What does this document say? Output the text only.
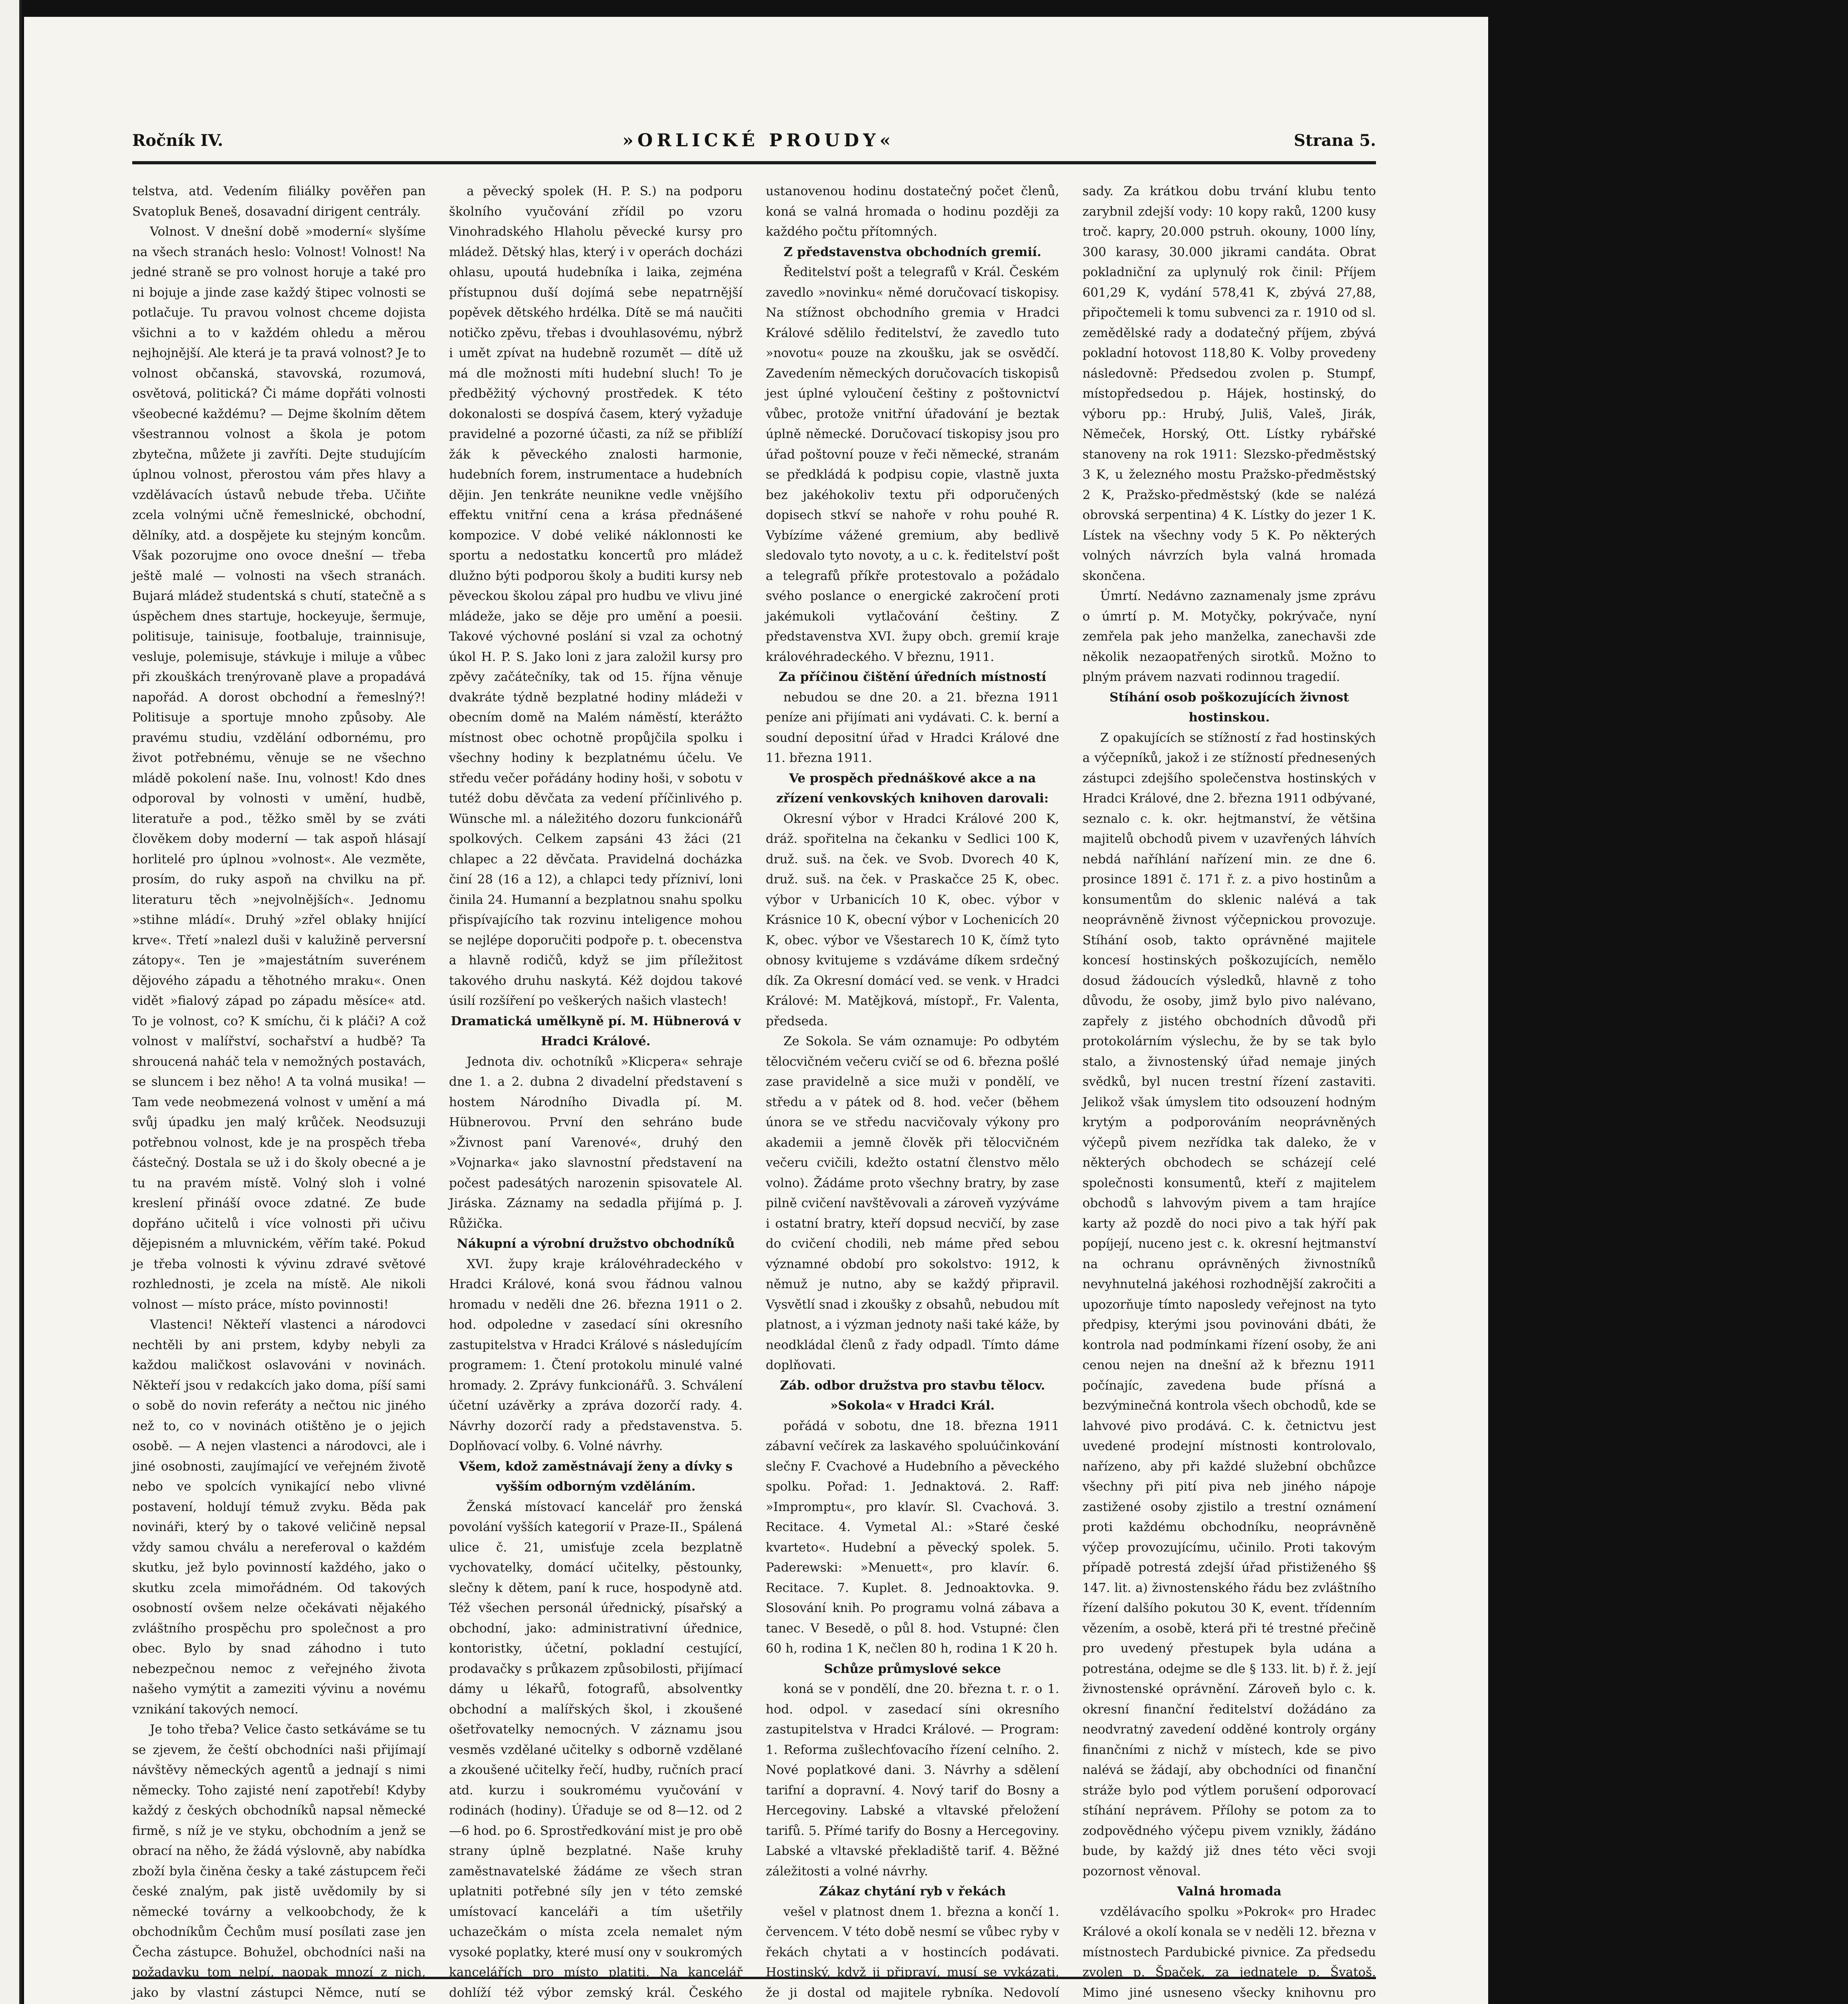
Ročník IV.	»ORLICKÉ PROUDY«	Strana 5.

telstva, atd. Vedením filiálky pověřen pan Svatopluk Beneš, dosavadní dirigent centrály.

Volnost. V dnešní době »moderní« slyšíme na všech stranách heslo: Volnost! Volnost! Na jedné straně se pro volnost horuje a také pro ni bojuje a jinde zase každý štipec volnosti se potlačuje. Tu pravou volnost chceme dojista všichni a to v každém ohledu a měrou nejhojnější. Ale která je ta pravá volnost? Je to volnost občanská, stavovská, rozumová, osvětová, politická? Či máme dopřáti volnosti všeobecné každému? — Dejme školním dětem všestrannou volnost a škola je potom zbytečna, můžete ji zavříti. Dejte studujícím úplnou volnost, přerostou vám přes hlavy a vzdělávacích ústavů nebude třeba. Učiňte zcela volnými učně řemeslnické, obchodní, dělníky, atd. a dospějete ku stejným koncům. Však pozorujme ono ovoce dnešní — třeba ještě malé — volnosti na všech stranách. Bujará mládež studentská s chutí, statečně a s úspěchem dnes startuje, hockeyuje, šermuje, politisuje, tainisuje, footbaluje, trainnisuje, vesluje, polemisuje, stávkuje i miluje a vůbec při zkouškách trenýrovaně plave a propadává napořád. A dorost obchodní a řemeslný?! Politisuje a sportuje mnoho způsoby. Ale pravému studiu, vzdělání odbornému, pro život potřebnému, věnuje se ne všechno mládě pokolení naše. Inu, volnost! Kdo dnes odporoval by volnosti v umění, hudbě, literatuře a pod., těžko směl by se zváti člověkem doby moderní — tak aspoň hlásají horlitelé pro úplnou »volnost«. Ale vezměte, prosím, do ruky aspoň na chvilku na př. literaturu těch »nejvolnějších«. Jednomu »stihne mládí«. Druhý »zřel oblaky hnijící krve«. Třetí »nalezl duši v kalužině perversní zátopy«. Ten je »majestátním suverénem dějového západu a těhotného mraku«. Onen vidět »fialový západ po západu měsíce« atd. To je volnost, co? K smíchu, či k pláči? A což volnost v malířství, sochařství a hudbě? Ta shroucená naháč tela v nemožných postavách, se sluncem i bez něho! A ta volná musika! — Tam vede neobmezená volnost v umění a má svůj úpadku jen malý krůček. Neodsuzuji potřebnou volnost, kde je na prospěch třeba částečný. Dostala se už i do školy obecné a je tu na pravém místě. Volný sloh i volné kreslení přináší ovoce zdatné. Ze bude dopřáno učitelů i více volnosti při učivu dějepisném a mluvnickém, věřím také. Pokud je třeba volnosti k vývinu zdravé světové rozhlednosti, je zcela na místě. Ale nikoli volnost — místo práce, místo povinnosti!

Vlastenci! Někteří vlastenci a národovci nechtěli by ani prstem, kdyby nebyli za každou maličkost oslavováni v novinách. Někteří jsou v redakcích jako doma, píší sami o sobě do novin referáty a nečtou nic jiného než to, co v novinách otištěno je o jejich osobě. — A nejen vlastenci a národovci, ale i jiné osobnosti, zaujímající ve veřejném životě nebo ve spolcích vynikající nebo vlivné postavení, holdují témuž zvyku. Běda pak novináři, který by o takové veličině nepsal vždy samou chválu a nereferoval o každém skutku, jež bylo povinností každého, jako o skutku zcela mimořádném. Od takových osobností ovšem nelze očekávati nějakého zvláštního prospěchu pro společnost a pro obec. Bylo by snad záhodno i tuto nebezpečnou nemoc z veřejného života našeho vymýtit a zameziti vývinu a novému vznikání takových nemocí.

Je toho třeba? Velice často setkáváme se tu se zjevem, že čeští obchodníci naši přijímají návštěvy německých agentů a jednají s nimi německy. Toho zajisté není zapotřebí! Kdyby každý z českých obchodníků napsal německé firmě, s níž je ve styku, obchodním a jenž se obrací na něho, že žádá výslovně, aby nabídka zboží byla činěna česky a také zástupcem řeči české znalým, pak jistě uvědomily by si německé továrny a velkoobchody, že k obchodníkům Čechům musí posílati zase jen Čecha zástupce. Bohužel, obchodníci naši na požadavku tom nelpí, naopak mnozí z nich, jako by vlastní zástupci Němce, nutí se

a pěvecký spolek (H. P. S.) na podporu školního vyučování zřídil po vzoru Vinohradského Hlaholu pěvecké kursy pro mládež. Dětský hlas, který i v operách docházi ohlasu, upoutá hudebníka i laika, zejména přístupnou duší dojímá sebe nepatrnější popěvek dětského hrdélka. Dítě se má naučiti notičko zpěvu, třebas i dvouhlasovému, nýbrž i umět zpívat na hudebně rozumět — dítě už má dle možnosti míti hudební sluch! To je předběžitý výchovný prostředek. K této dokonalosti se dospívá časem, který vyžaduje pravidelné a pozorné účasti, za níž se přiblíží žák k pěveckého znalosti harmonie, hudebních forem, instrumentace a hudebních dějin. Jen tenkráte neunikne vedle vnějšího effektu vnitřní cena a krása přednášené kompozice. V dobé veliké náklonnosti ke sportu a nedostatku koncertů pro mládež dlužno býti podporou školy a buditi kursy neb pěveckou školou zápal pro hudbu ve vlivu jiné mládeže, jako se děje pro umění a poesii. Takové výchovné poslání si vzal za ochotný úkol H. P. S. Jako loni z jara založil kursy pro zpěvy začátečníky, tak od 15. října věnuje dvakráte týdně bezplatné hodiny mládeži v obecním domě na Malém náměstí, kterážto místnost obec ochotně propůjčila spolku i všechny hodiny k bezplatnému účelu. Ve středu večer pořádány hodiny hoši, v sobotu v tutéž dobu děvčata za vedení příčinlivého p. Wünsche ml. a náležitého dozoru funkcionářů spolkových. Celkem zapsáni 43 žáci (21 chlapec a 22 děvčata. Pravidelná docházka činí 28 (16 a 12), a chlapci tedy přízniví, loni činila 24. Humanní a bezplatnou snahu spolku přispívajícího tak rozvinu inteligence mohou se nejlépe doporučiti podpoře p. t. obecenstva a hlavně rodičů, když se jim příležitost takového druhu naskytá. Kéž dojdou takové úsilí rozšíření po veškerých našich vlastech!

Dramatická umělkyně pí. M. Hübnerová v Hradci Králové.

Jednota div. ochotníků »Klicpera« sehraje dne 1. a 2. dubna 2 divadelní představení s hostem Národního Divadla pí. M. Hübnerovou. První den sehráno bude »Živnost paní Varenové«, druhý den »Vojnarka« jako slavnostní představení na počest padesátých narozenin spisovatele Al. Jiráska. Záznamy na sedadla přijímá p. J. Růžička.

Nákupní a výrobní družstvo obchodníků

XVI. župy kraje královéhradeckého v Hradci Králové, koná svou řádnou valnou hromadu v neděli dne 26. března 1911 o 2. hod. odpoledne v zasedací síni okresního zastupitelstva v Hradci Králové s následujícím programem: 1. Čtení protokolu minulé valné hromady. 2. Zprávy funkcionářů. 3. Schválení účetní uzávěrky a zpráva dozorčí rady. 4. Návrhy dozorčí rady a představenstva. 5. Doplňovací volby. 6. Volné návrhy.

Všem, kdož zaměstnávají ženy a dívky s vyšším odborným vzděláním.

Ženská místovací kancelář pro ženská povolání vyšších kategorií v Praze-II., Spálená ulice č. 21, umisťuje zcela bezplatně vychovatelky, domácí učitelky, pěstounky, slečny k dětem, paní k ruce, hospodyně atd. Též všechen personál úřednický, písařský a obchodní, jako: administrativní úřednice, kontoristky, účetní, pokladní cestující, prodavačky s průkazem způsobilosti, přijímací dámy u lékařů, fotografů, absolventky obchodní a malířských škol, i zkoušené ošetřovatelky nemocných. V záznamu jsou vesměs vzdělané učitelky s odborně vzdělané a zkoušené učitelky řečí, hudby, ručních prací atd. kurzu i soukromému vyučování v rodinách (hodiny). Úřaduje se od 8—12. od 2—6 hod. po 6. Sprostředkování mist je pro obě strany úplně bezplatné. Naše kruhy zaměstnavatelské žádáme ze všech stran uplatniti potřebné síly jen v této zemské umístovací kanceláři a tím ušetřily uchazečkám o místa zcela nemalet ným vysoké poplatky, které musí ony v soukromých kancelářích pro místo platiti. Na kancelář dohlíží též výbor zemský král. Českého

ustanovenou hodinu dostatečný počet členů, koná se valná hromada o hodinu později za každého počtu přítomných.

Z představenstva obchodních gremií.

Ředitelství pošt a telegrafů v Král. Českém zavedlo »novinku« němé doručovací tiskopisy. Na stížnost obchodního gremia v Hradci Králové sdělilo ředitelství, že zavedlo tuto »novotu« pouze na zkoušku, jak se osvědčí. Zavedením německých doručovacích tiskopisů jest úplné vyloučení češtiny z poštovnictví vůbec, protože vnitřní úřadování je beztak úplně německé. Doručovací tiskopisy jsou pro úřad poštovní pouze v řeči německé, stranám se předkládá k podpisu copie, vlastně juxta bez jakéhokoliv textu při odporučených dopisech stkví se nahoře v rohu pouhé R. Vybízíme vážené gremium, aby bedlivě sledovalo tyto novoty, a u c. k. ředitelství pošt a telegrafů příkře protestovalo a požádalo svého poslance o energické zakročení proti jakémukoli vytlačování češtiny. Z představenstva XVI. župy obch. gremií kraje královéhradeckého. V březnu, 1911.

Za příčinou čištění úředních místností

nebudou se dne 20. a 21. března 1911 peníze ani přijímati ani vydávati. C. k. berní a soudní depositní úřad v Hradci Králové dne 11. března 1911.

Ve prospěch přednáškové akce a na zřízení venkovských knihoven darovali:

Okresní výbor v Hradci Králové 200 K, dráž. spořitelna na čekanku v Sedlici 100 K, druž. suš. na ček. ve Svob. Dvorech 40 K, druž. suš. na ček. v Praskačce 25 K, obec. výbor v Urbanicích 10 K, obec. výbor v Krásnice 10 K, obecní výbor v Lochenicích 20 K, obec. výbor ve Všestarech 10 K, čímž tyto obnosy kvitujeme s vzdáváme díkem srdečný dík. Za Okresní domácí ved. se venk. v Hradci Králové: M. Matějková, místopř., Fr. Valenta, předseda.

Ze Sokola. Se vám oznamuje: Po odbytém tělocvičném večeru cvičí se od 6. března pošlé zase pravidelně a sice muži v pondělí, ve středu a v pátek od 8. hod. večer (během února se ve středu nacvičovaly výkony pro akademii a jemně člověk při tělocvičném večeru cvičili, kdežto ostatní členstvo mělo volno). Žádáme proto všechny bratry, by zase pilně cvičení navštěvovali a zároveň vyzýváme i ostatní bratry, kteří dopsud necvičí, by zase do cvičení chodili, neb máme před sebou významné období pro sokolstvo: 1912, k němuž je nutno, aby se každý připravil. Vysvětlí snad i zkoušky z obsahů, nebudou mít platnost, a i výzman jednoty naši také káže, by neodkládal členů z řady odpadl. Tímto dáme doplňovati.

Záb. odbor družstva pro stavbu tělocv. »Sokola« v Hradci Král.

pořádá v sobotu, dne 18. března 1911 zábavní večírek za laskavého spoluúčinkování slečny F. Cvachové a Hudebního a pěveckého spolku. Pořad: 1. Jednaktová. 2. Raff: »Impromptu«, pro klavír. Sl. Cvachová. 3. Recitace. 4. Vymetal Al.: »Staré české kvarteto«. Hudební a pěvecký spolek. 5. Paderewski: »Menuett«, pro klavír. 6. Recitace. 7. Kuplet. 8. Jednoaktovka. 9. Slosování knih. Po programu volná zábava a tanec. V Besedě, o půl 8. hod. Vstupné: člen 60 h, rodina 1 K, nečlen 80 h, rodina 1 K 20 h.

Schůze průmyslové sekce

koná se v pondělí, dne 20. března t. r. o 1. hod. odpol. v zasedací síni okresního zastupitelstva v Hradci Králové. — Program: 1. Reforma zušlechťovacího řízení celního. 2. Nové poplatkové dani. 3. Návrhy a sdělení tarifní a dopravní. 4. Nový tarif do Bosny a Hercegoviny. Labské a vltavské přeložení tarifů. 5. Přímé tarify do Bosny a Hercegoviny. Labské a vltavské překladiště tarif. 4. Běžné záležitosti a volné návrhy.

Zákaz chytání ryb v řekách

vešel v platnost dnem 1. března a končí 1. červencem. V této době nesmí se vůbec ryby v řekách chytati a v hostincích podávati. Hostinský, když ji připraví, musí se vykázati, že ji dostal od majitele rybníka. Nedovolí

sady. Za krátkou dobu trvání klubu tento zarybnil zdejší vody: 10 kopy raků, 1200 kusy troč. kapry, 20.000 pstruh. okouny, 1000 líny, 300 karasy, 30.000 jikrami candáta. Obrat pokladniční za uplynulý rok činil: Příjem 601,29 K, vydání 578,41 K, zbývá 27,88, připočtemeli k tomu subvenci za r. 1910 od sl. zemědělské rady a dodatečný příjem, zbývá pokladní hotovost 118,80 K. Volby provedeny následovně: Předsedou zvolen p. Stumpf, místopředsedou p. Hájek, hostinský, do výboru pp.: Hrubý, Juliš, Valeš, Jirák, Němeček, Horský, Ott. Lístky rybářské stanoveny na rok 1911: Slezsko-předměstský 3 K, u železného mostu Pražsko-předměstský 2 K, Pražsko-předměstský (kde se nalézá obrovská serpentina) 4 K. Lístky do jezer 1 K. Lístek na všechny vody 5 K. Po některých volných návrzích byla valná hromada skončena.

Úmrtí. Nedávno zaznamenaly jsme zprávu o úmrtí p. M. Motyčky, pokrývače, nyní zemřela pak jeho manželka, zanechavši zde několik nezaopatřených sirotků. Možno to plným právem nazvati rodinnou tragedií.

Stíhání osob poškozujících živnost hostinskou.

Z opakujících se stížností z řad hostinských a výčepníků, jakož i ze stížností přednesených zástupci zdejšího společenstva hostinských v Hradci Králové, dne 2. března 1911 odbývané, seznalo c. k. okr. hejtmanství, že většina majitelů obchodů pivem v uzavřených láhvích nebdá naříhlání nařízení min. ze dne 6. prosince 1891 č. 171 ř. z. a pivo hostinům a konsumentům do sklenic nalévá a tak neoprávněně živnost výčepnickou provozuje. Stíhání osob, takto oprávněné majitele koncesí hostinských poškozujících, nemělo dosud žádoucích výsledků, hlavně z toho důvodu, že osoby, jimž bylo pivo nalévano, zapřely z jistého obchodních důvodů při protokolárním výslechu, že by se tak bylo stalo, a živnostenský úřad nemaje jiných svědků, byl nucen trestní řízení zastaviti. Jelikož však úmyslem tito odsouzení hodným krytým a podporováním neoprávněných výčepů pivem nezřídka tak daleko, že v některých obchodech se scházejí celé společnosti konsumentů, kteří z majitelem obchodů s lahvovým pivem a tam hrajíce karty až pozdě do noci pivo a tak hýří pak popíjejí, nuceno jest c. k. okresní hejtmanství na ochranu oprávněných živnostníků nevyhnutelná jakéhosi rozhodnější zakročiti a upozorňuje tímto naposledy veřejnost na tyto předpisy, kterými jsou povinováni dbáti, že kontrola nad podmínkami řízení osoby, že ani cenou nejen na dnešní až k březnu 1911 počínajíc, zavedena bude přísná a bezvýminečná kontrola všech obchodů, kde se lahvové pivo prodává. C. k. četnictvu jest uvedené prodejní místnosti kontrolovalo, nařízeno, aby při každé služební obchůzce všechny při pití piva neb jiného nápoje zastižené osoby zjistilo a trestní oznámení proti každému obchodníku, neoprávněně výčep provozujícímu, učinilo. Proti takovým případě potrestá zdejší úřad přistiženého §§ 147. lit. a) živnostenského řádu bez zvláštního řízení dalšího pokutou 30 K, event. třídenním vězením, a osobě, která při té trestné přečině pro uvedený přestupek byla udána a potrestána, odejme se dle § 133. lit. b) ř. ž. její živnostenské oprávnění. Zároveň bylo c. k. okresní finanční ředitelství dožádáno za neodvratný zavedení odděné kontroly orgány finančními z nichž v místech, kde se pivo nalévá se žádají, aby obchodníci od finanční stráže bylo pod výtlem porušení odporovací stíhání neprávem. Přílohy se potom za to zodpovědného výčepu pivem vznikly, žádáno bude, by každý již dnes této věci svoji pozornost věnoval.

Valná hromada

vzdělávacího spolku »Pokrok« pro Hradec Králové a okolí konala se v neděli 12. března v místnostech Pardubické pivnice. Za předsedu zvolen p. Špaček, za jednatele p. Švatoš. Mimo jiné usneseno všecky knihovnu pro
